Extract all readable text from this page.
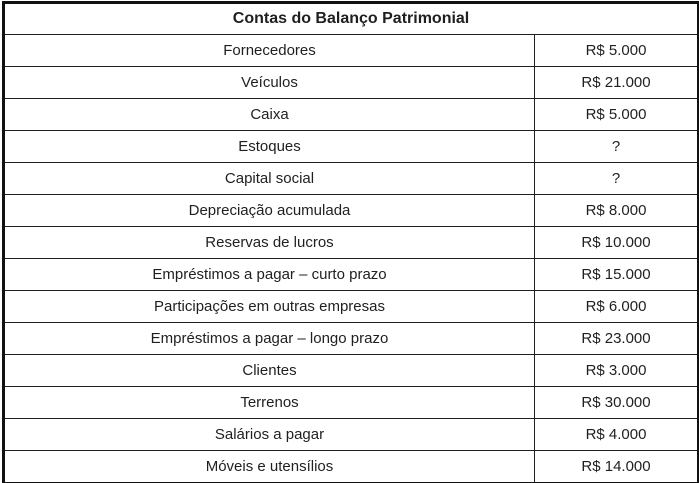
Contas do Balanço Patrimonial	
Fornecedores	R$ 5.000
Veículos	R$ 21.000
Caixa	R$ 5.000
Estoques	?
Capital social	?
Depreciação acumulada	R$ 8.000
Reservas de lucros	R$ 10.000
Empréstimos a pagar – curto prazo	R$ 15.000
Participações em outras empresas	R$ 6.000
Empréstimos a pagar – longo prazo	R$ 23.000
Clientes	R$ 3.000
Terrenos	R$ 30.000
Salários a pagar	R$ 4.000
Móveis e utensílios	R$ 14.000
